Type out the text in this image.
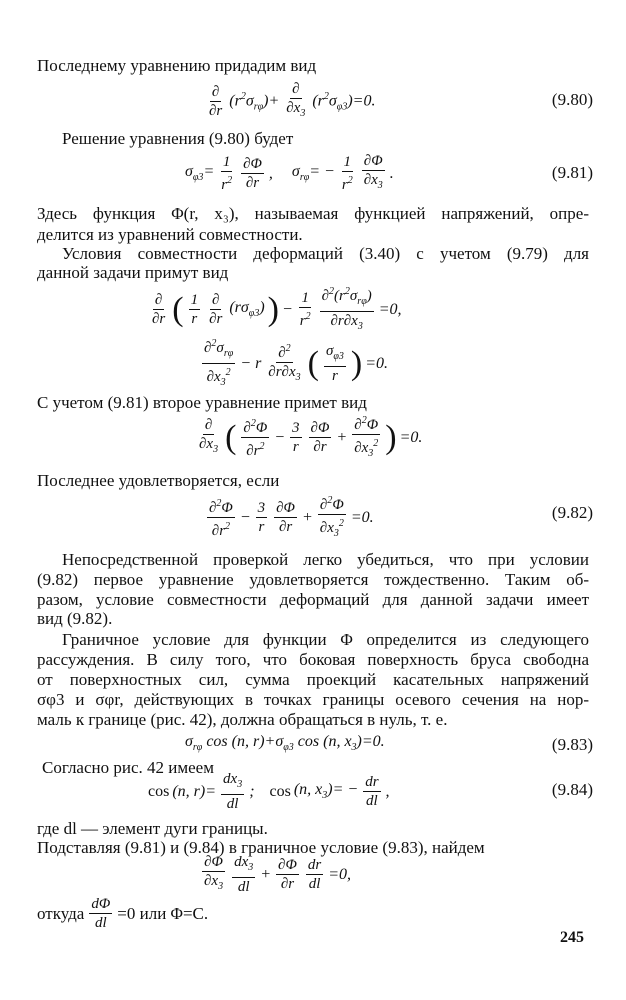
Последнему уравнению придадим вид
$\frac{\partial}{\partial r} (r^2\sigma_{r\varphi})+ \frac{\partial}{\partial x_3} (r^2\sigma_{\varphi 3})=0$.	(9.80)
Решение уравнения (9.80) будет
$\sigma_{\varphi 3}= \frac{1}{r^2} \frac{\partial\Phi}{\partial r}$ , $\sigma_{r\varphi}= - \frac{1}{r^2} \frac{\partial\Phi}{\partial x_3}$ .	(9.81)
Здесь функция Φ(r, x₃), называемая функцией напряжений, опре-
делится из уравнений совместности.
Условия совместности деформаций (3.40) с учетом (9.79) для
данной задачи примут вид
$\frac{\partial}{\partial r}$ ( $\frac{1}{r} \frac{\partial}{\partial r} (r\sigma_{\varphi 3})$ ) − $\frac{1}{r^2} \frac{\partial^2(r^2\sigma_{r\varphi})}{\partial r\partial x_3} =0$,
$\frac{\partial^2\sigma_{r\varphi}}{\partial x_3^2} - r \frac{\partial^2}{\partial r\partial x_3}$ ( $\frac{\sigma_{\varphi 3}}{r}$ ) =0.
С учетом (9.81) второе уравнение примет вид
$\frac{\partial}{\partial x_3}$ ( $\frac{\partial^2\Phi}{\partial r^2} - \frac{3}{r} \frac{\partial\Phi}{\partial r} + \frac{\partial^2\Phi}{\partial x_3^2}$ ) =0.
Последнее удовлетворяется, если
$\frac{\partial^2\Phi}{\partial r^2} - \frac{3}{r} \frac{\partial\Phi}{\partial r} + \frac{\partial^2\Phi}{\partial x_3^2} =0$.	(9.82)
Непосредственной проверкой легко убедиться, что при условии
(9.82) первое уравнение удовлетворяется тождественно. Таким об-
разом, условие совместности деформаций для данной задачи имеет
вид (9.82).
Граничное условие для функции Φ определится из следующего
рассуждения. В силу того, что боковая поверхность бруса свободна
от поверхностных сил, сумма проекций касательных напряжений
σφ3 и σφr, действующих в точках границы осевого сечения на нор-
маль к границе (рис. 42), должна обращаться в нуль, т. е.
$\sigma_{r\varphi}$ cos (n, $r)+\sigma_{\varphi 3}$ cos (n, $x_3)=0$.	(9.83)
Согласно рис. 42 имеем
cos (n, $r)= \frac{dx_3}{dl}$ ; cos (n, $x_3)= - \frac{dr}{dl}$ ,	(9.84)
где dl — элемент дуги границы.
Подставляя (9.81) и (9.84) в граничное условие (9.83), найдем
$\frac{\partial\Phi}{\partial x_3} \frac{dx_3}{dl} + \frac{\partial\Phi}{\partial r} \frac{dr}{dl} =0$,
откуда $\frac{d\Phi}{dl} =0$ или Φ=C.
245
